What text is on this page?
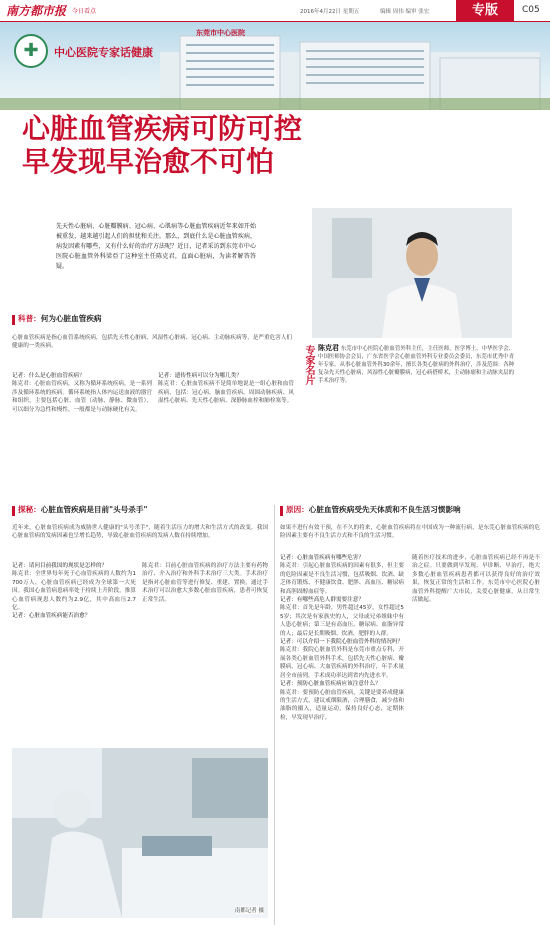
南方都市报 今日看点	2016年4月22日 星期五	编辑 周伟 编审 张宏	专版	C05
✚	中心医院专家话健康
东莞市中心医院
心脏血管疾病可防可控
早发现早治愈不可怕
先天性心脏病、心脏瓣膜病、冠心病、心肌病等心脏血管疾病近年来如开始被重发，越来越引起人们的担忧和关注。那么，到底什么是心脏血管疾病，病发因素有哪些，又有什么好的治疗方法呢？近日，记者采访到东莞市中心医院心脏血管外科梁亞了这种室主任陈克君，直面心脏病，为读者解答答疑。
专家名片 陈克君 东莞市中心医院心脏血管外科主任，主任医师，医学博士，中华医学会、中国医师协会会员，广东省医学会心脏血管外科专业委员会委员，东莞市优秀中青年专家。从事心脏血管外科30余年，擅长各类心脏病的外科治疗，涉及范围：各种复杂先天性心脏病，风湿性心脏瓣膜病，冠心病搭桥术，主动脉瘤和主动脉夹层的手术治疗等。
科普：何为心脏血管疾病
心脏血管疾病是指心血管系统疾病，包括先天性心脏病、风湿性心脏病、冠心病、主动脉疾病等，是严重危害人们健康的一类疾病。

记者：什么是心脏血管疾病？

陈克君：心脏血管疾病，又称为循环系统疾病，是一系列涉及循环系统的疾病。循环系统指人体内运送血液的器官和组织，主要包括心脏、血管（动脉、静脉、微血管），可以细分为急性和慢性，一般都是与动脉硬化有关。

记者：遗传性病可以分为哪几类？

陈克君：心脏血管疾病不是简单地说是一组心脏和血管疾病，包括：冠心病、脑血管疾病、周围动脉疾病、风湿性心脏病、先天性心脏病、深静脉血栓和肺栓塞等。

探秘：心脏血管疾病是目前"头号杀手"
近年来，心脏血管疾病成为威胁世人健康的"头号杀手"，随着生活压力的增大和生活方式的改变，我国心脏血管病的发病因素也呈增长趋势，导致心脏血管疾病的发病人数在持续增加。

记者：请问目前我国的现状是怎样的？

陈克君：全世界每年死于心血管疾病的人数约为1700万人，心脏血管疾病已经成为全球第一大死因。我国心血管病患病率处于持续上升阶段，推算心血管病现患人数约为2.9亿，其中高血压2.7亿。

记者：心脏血管疾病能否治愈？

陈克君：目前心脏血管疾病的治疗方法主要有药物治疗、介入治疗和外科手术治疗三大类。手术治疗是指对心脏血管等进行修复、重建、置换，通过手术治疗可以治愈大多数心脏血管疾病，患者可恢复正常生活。

南都记者 摄
原因：心脏血管疾病受先天体质和不良生活习惯影响
如果不进行有效干预，在不久的将来，心脏血管疾病将在中国成为一种流行病，是东莞心脏血管疾病的危险因素主要有不良生活方式和不良的生活习惯。

记者：心脏血管疾病有哪些危害？

陈克君：引起心脏血管疾病的因素有很多，但主要的危险因素是不良生活习惯，包括吸烟、饮酒、缺乏体育锻炼、不健康饮食、肥胖、高血压、糖尿病和高胆固醇血症等。

记者：有哪些高危人群需要注意？

陈克君：首先是年龄，男性超过45岁，女性超过55岁；其次是有家族史的人，父母或兄弟姐妹中有人患心脏病；第三是有高血压、糖尿病、血脂异常的人；最后是长期吸烟、饮酒、肥胖的人群。

记者：可以介绍一下我院心脏血管外科的情况吗？

陈克君：我院心脏血管外科是东莞市重点专科，开展各类心脏血管外科手术，包括先天性心脏病、瓣膜病、冠心病、大血管疾病的外科治疗，年手术量居全市前列，手术成功率达到省内先进水平。

记者：预防心脏血管疾病应该注意什么？

陈克君：要预防心脏血管疾病，关键是要养成健康的生活方式。建议戒烟限酒，合理膳食，减少盐和油脂的摄入，适量运动，保持良好心态，定期体检，早发现早治疗。

随着医疗技术的进步，心脏血管疾病已经不再是不治之症。只要做到早发现、早诊断、早治疗，绝大多数心脏血管疾病患者都可以获得良好的治疗效果，恢复正常的生活和工作。东莞市中心医院心脏血管外科提醒广大市民，关爱心脏健康，从日常生活做起。
